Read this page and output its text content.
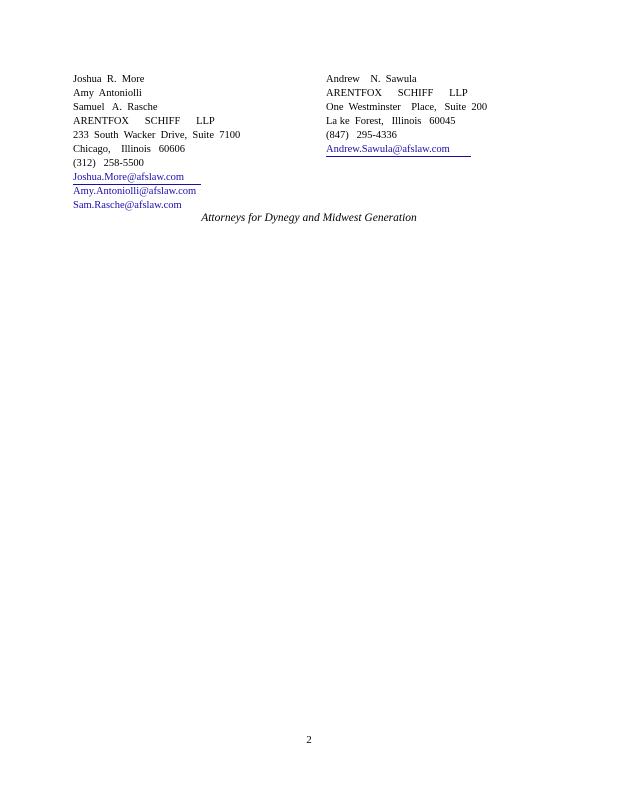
Joshua  R.  More
Amy  Antoniolli
Samuel   A.  Rasche
ARENTFOX      SCHIFF      LLP
233  South  Wacker  Drive,  Suite  7100
Chicago,    Illinois   60606
(312)   258-5500
Joshua.More@afslaw.com
Amy.Antoniolli@afslaw.com
Sam.Rasche@afslaw.com
Andrew    N.  Sawula
ARENTFOX      SCHIFF      LLP
One  Westminster    Place,   Suite  200
La ke  Forest,   Illinois   60045
(847)   295-4336
Andrew.Sawula@afslaw.com
Attorneys for Dynegy and Midwest Generation
2
